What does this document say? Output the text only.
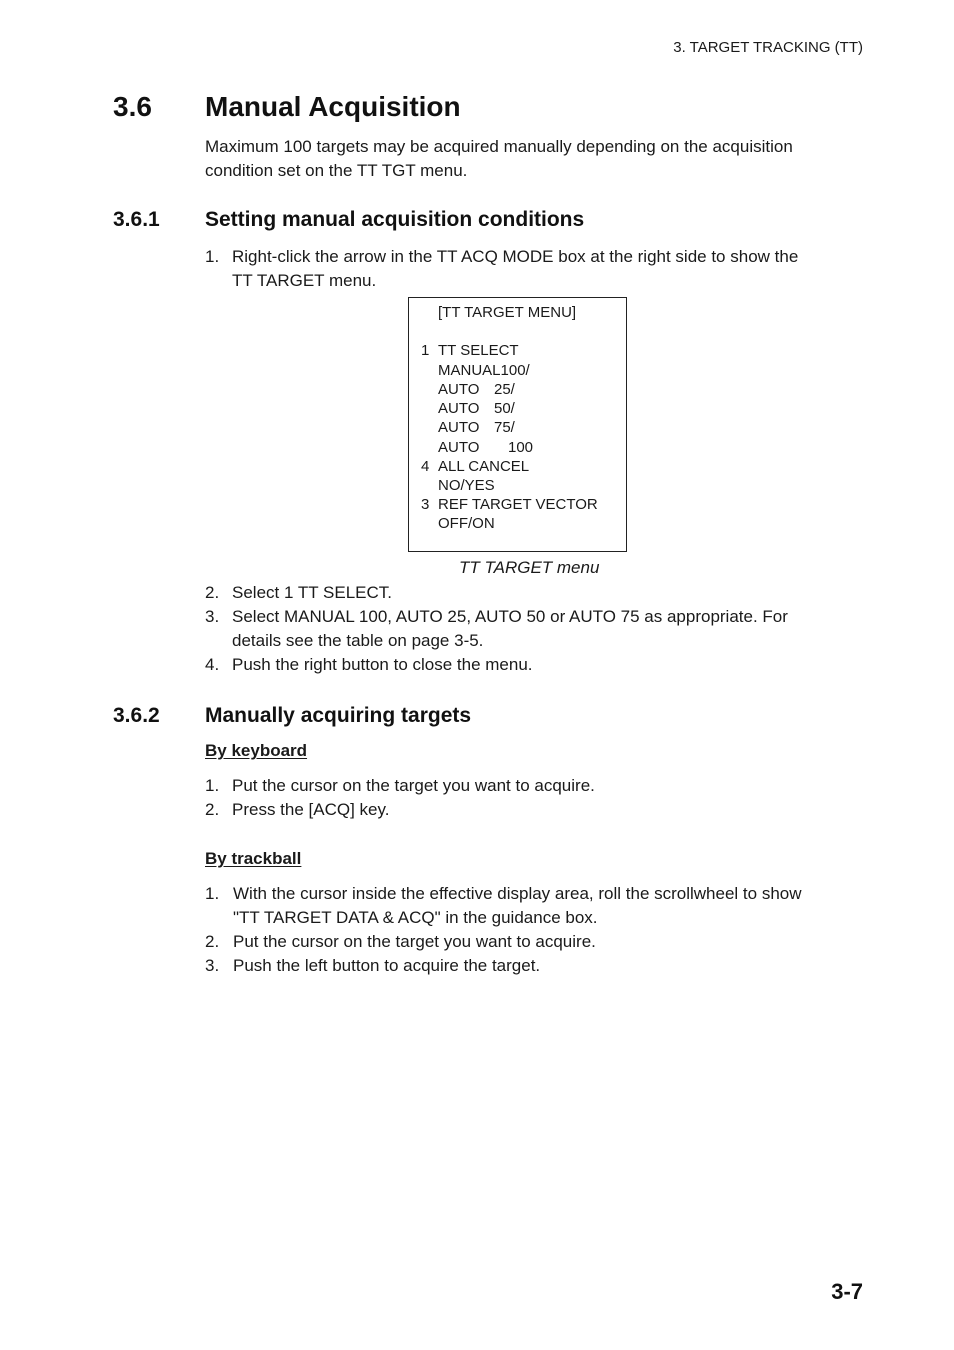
3. TARGET TRACKING (TT)
3.6 Manual Acquisition
Maximum 100 targets may be acquired manually depending on the acquisition
condition set on the TT TGT menu.
3.6.1 Setting manual acquisition conditions
1. Right-click the arrow in the TT ACQ MODE box at the right side to show the
TT TARGET menu.
[TT TARGET MENU]
1 TT SELECT
MANUAL100/
AUTO 25/
AUTO 50/
AUTO 75/
AUTO 100
4 ALL CANCEL
NO/YES
3 REF TARGET VECTOR
OFF/ON
TT TARGET menu
2. Select 1 TT SELECT.
3. Select MANUAL 100, AUTO 25, AUTO 50 or AUTO 75 as appropriate. For
details see the table on page 3-5.
4. Push the right button to close the menu.
3.6.2 Manually acquiring targets
By keyboard
1. Put the cursor on the target you want to acquire.
2. Press the [ACQ] key.
By trackball
1. With the cursor inside the effective display area, roll the scrollwheel to show
"TT TARGET DATA & ACQ" in the guidance box.
2. Put the cursor on the target you want to acquire.
3. Push the left button to acquire the target.
3-7
